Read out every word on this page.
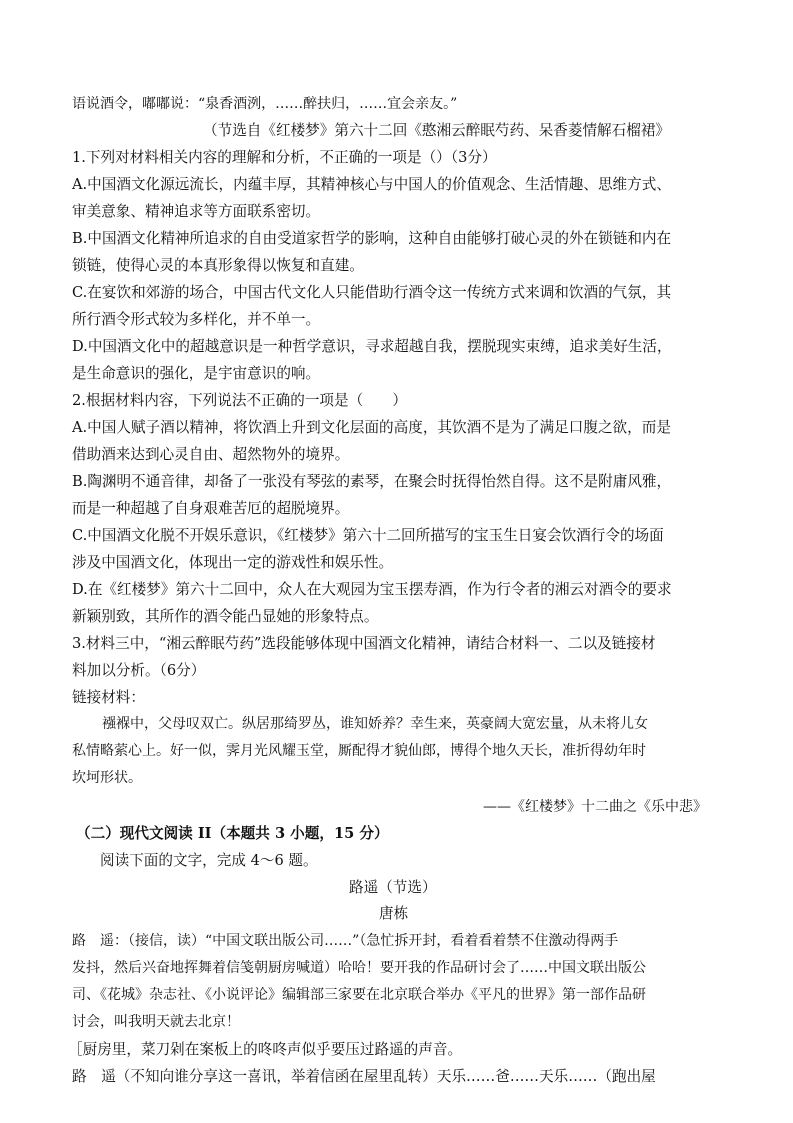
语说酒令，嘟嘟说：“泉香酒洌，……醉扶归，……宜会亲友。”
（节选自《红楼梦》第六十二回《憨湘云醉眠芍药、呆香菱情解石榴裙》
1.下列对材料相关内容的理解和分析，不正确的一项是（）（3分）
A.中国酒文化源远流长，内蕴丰厚，其精神核心与中国人的价值观念、生活情趣、思维方式、
审美意象、精神追求等方面联系密切。
B.中国酒文化精神所追求的自由受道家哲学的影响，这种自由能够打破心灵的外在锁链和内在
锁链，使得心灵的本真形象得以恢复和直建。
C.在宴饮和郊游的场合，中国古代文化人只能借助行酒令这一传统方式来调和饮酒的气氛，其
所行酒令形式较为多样化，并不单一。
D.中国酒文化中的超越意识是一种哲学意识，寻求超越自我，摆脱现实束缚，追求美好生活，
是生命意识的强化，是宇宙意识的响。
2.根据材料内容，下列说法不正确的一项是（　　）
A.中国人赋子酒以精神，将饮酒上升到文化层面的高度，其饮酒不是为了满足口腹之欲，而是
借助酒来达到心灵自由、超然物外的境界。
B.陶渊明不通音律，却备了一张没有琴弦的素琴，在聚会时抚得怡然自得。这不是附庸风雅，
而是一种超越了自身艰难苦厄的超脱境界。
C.中国酒文化脱不开娱乐意识，《红楼梦》第六十二回所描写的宝玉生日宴会饮酒行令的场面
涉及中国酒文化，体现出一定的游戏性和娱乐性。
D.在《红楼梦》第六十二回中，众人在大观园为宝玉摆寿酒，作为行令者的湘云对酒令的要求
新颖别致，其所作的酒令能凸显她的形象特点。
3.材料三中，“湘云醉眠芍药”选段能够体现中国酒文化精神，请结合材料一、二以及链接材
料加以分析。（6分）
链接材料：
襁褓中，父母叹双亡。纵居那绮罗丛，谁知娇养？幸生来，英豪阔大宽宏量，从未将儿女
私情略萦心上。好一似，霁月光风耀玉堂，厮配得才貌仙郎，博得个地久天长，准折得幼年时
坎坷形状。
——《红楼梦》十二曲之《乐中悲》
（二）现代文阅读 II（本题共 3 小题，15 分）
阅读下面的文字，完成 4～6 题。
路遥（节选）
唐栋
路　遥：（接信，读）“中国文联出版公司……”（急忙拆开封，看着看着禁不住激动得两手
发抖，然后兴奋地挥舞着信笺朝厨房喊道）哈哈！要开我的作品研讨会了……中国文联出版公
司、《花城》杂志社、《小说评论》编辑部三家要在北京联合举办《平凡的世界》第一部作品研
讨会，叫我明天就去北京！
［厨房里，菜刀剁在案板上的咚咚声似乎要压过路遥的声音。
路　遥（不知向谁分享这一喜讯，举着信函在屋里乱转）天乐……爸……天乐……（跑出屋
